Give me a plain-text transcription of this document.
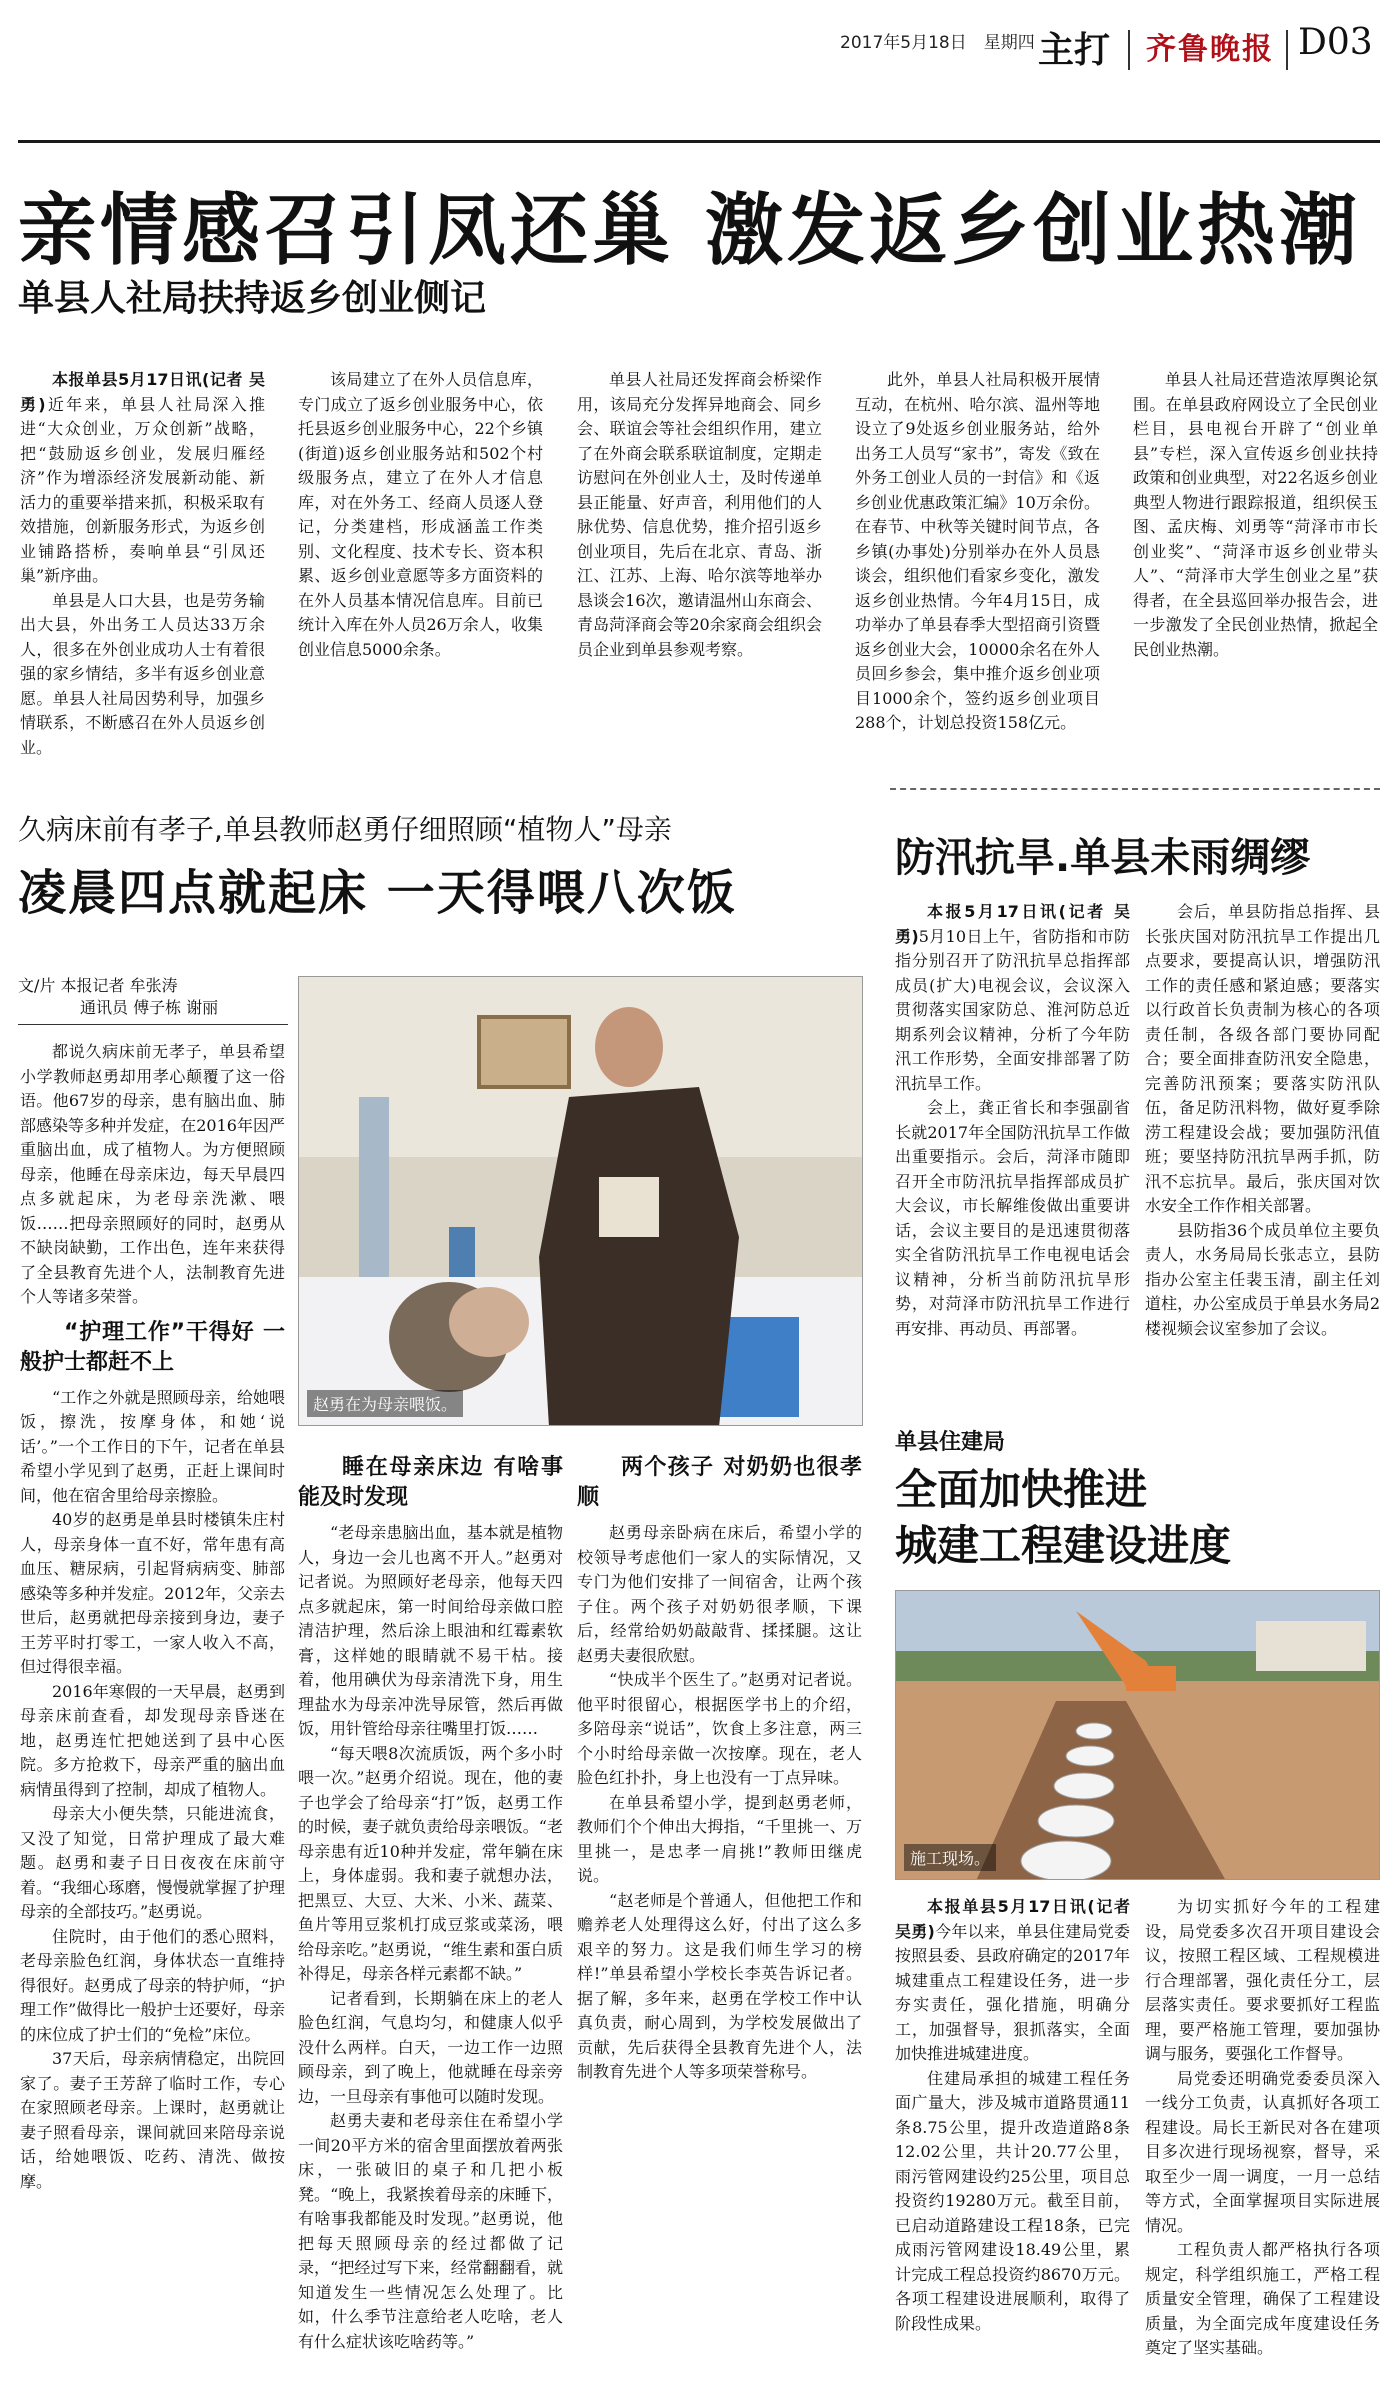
2017年5月18日　 星期四 主打 齐鲁晚报 D03
亲情感召引凤还巢 激发返乡创业热潮
单县人社局扶持返乡创业侧记

本报单县5月17日讯(记者 吴勇)近年来，单县人社局深入推进“大众创业，万众创新”战略，把“鼓励返乡创业，发展归雁经济”作为增添经济发展新动能、新活力的重要举措来抓，积极采取有效措施，创新服务形式，为返乡创业铺路搭桥，奏响单县“引凤还巢”新序曲。

单县是人口大县，也是劳务输出大县，外出务工人员达33万余人，很多在外创业成功人士有着很强的家乡情结，多半有返乡创业意愿。单县人社局因势利导，加强乡情联系，不断感召在外人员返乡创业。

该局建立了在外人员信息库，专门成立了返乡创业服务中心，依托县返乡创业服务中心，22个乡镇(街道)返乡创业服务站和502个村级服务点，建立了在外人才信息库，对在外务工、经商人员逐人登记，分类建档，形成涵盖工作类别、文化程度、技术专长、资本积累、返乡创业意愿等多方面资料的在外人员基本情况信息库。目前已统计入库在外人员26万余人，收集创业信息5000余条。

单县人社局还发挥商会桥梁作用，该局充分发挥异地商会、同乡会、联谊会等社会组织作用，建立了在外商会联系联谊制度，定期走访慰问在外创业人士，及时传递单县正能量、好声音，利用他们的人脉优势、信息优势，推介招引返乡创业项目，先后在北京、青岛、浙江、江苏、上海、哈尔滨等地举办恳谈会16次，邀请温州山东商会、青岛菏泽商会等20余家商会组织会员企业到单县参观考察。

此外，单县人社局积极开展情互动，在杭州、哈尔滨、温州等地设立了9处返乡创业服务站，给外出务工人员写“家书”，寄发《致在外务工创业人员的一封信》和《返乡创业优惠政策汇编》10万余份。在春节、中秋等关键时间节点，各乡镇(办事处)分别举办在外人员恳谈会，组织他们看家乡变化，激发返乡创业热情。今年4月15日，成功举办了单县春季大型招商引资暨返乡创业大会，10000余名在外人员回乡参会，集中推介返乡创业项目1000余个，签约返乡创业项目288个，计划总投资158亿元。

单县人社局还营造浓厚舆论氛围。在单县政府网设立了全民创业栏目，县电视台开辟了“创业单县”专栏，深入宣传返乡创业扶持政策和创业典型，对22名返乡创业典型人物进行跟踪报道，组织侯玉图、孟庆梅、刘勇等“菏泽市市长创业奖”、“菏泽市返乡创业带头人”、“菏泽市大学生创业之星”获得者，在全县巡回举办报告会，进一步激发了全民创业热情，掀起全民创业热潮。

久病床前有孝子,单县教师赵勇仔细照顾“植物人”母亲
凌晨四点就起床 一天得喂八次饭
文/片 本报记者 牟张涛
通讯员 傅子栋 谢丽

都说久病床前无孝子，单县希望小学教师赵勇却用孝心颠覆了这一俗语。他67岁的母亲，患有脑出血、肺部感染等多种并发症，在2016年因严重脑出血，成了植物人。为方便照顾母亲，他睡在母亲床边，每天早晨四点多就起床，为老母亲洗漱、喂饭……把母亲照顾好的同时，赵勇从不缺岗缺勤，工作出色，连年来获得了全县教育先进个人，法制教育先进个人等诸多荣誉。

“护理工作”干得好 一般护士都赶不上

“工作之外就是照顾母亲，给她喂饭，擦洗，按摩身体，和她‘说话’。”一个工作日的下午，记者在单县希望小学见到了赵勇，正赶上课间时间，他在宿舍里给母亲擦脸。

40岁的赵勇是单县时楼镇朱庄村人，母亲身体一直不好，常年患有高血压、糖尿病，引起肾病病变、肺部感染等多种并发症。2012年，父亲去世后，赵勇就把母亲接到身边，妻子王芳平时打零工，一家人收入不高，但过得很幸福。

2016年寒假的一天早晨，赵勇到母亲床前查看，却发现母亲昏迷在地，赵勇连忙把她送到了县中心医院。多方抢救下，母亲严重的脑出血病情虽得到了控制，却成了植物人。

母亲大小便失禁，只能进流食，又没了知觉，日常护理成了最大难题。赵勇和妻子日日夜夜在床前守着。“我细心琢磨，慢慢就掌握了护理母亲的全部技巧。”赵勇说。

住院时，由于他们的悉心照料，老母亲脸色红润，身体状态一直维持得很好。赵勇成了母亲的特护师，“护理工作”做得比一般护士还要好，母亲的床位成了护士们的“免检”床位。

37天后，母亲病情稳定，出院回家了。妻子王芳辞了临时工作，专心在家照顾老母亲。上课时，赵勇就让妻子照看母亲，课间就回来陪母亲说话，给她喂饭、吃药、清洗、做按摩。

赵勇在为母亲喂饭。

睡在母亲床边 有啥事能及时发现

“老母亲患脑出血，基本就是植物人，身边一会儿也离不开人。”赵勇对记者说。为照顾好老母亲，他每天四点多就起床，第一时间给母亲做口腔清洁护理，然后涂上眼油和红霉素软膏，这样她的眼睛就不易干枯。接着，他用碘伏为母亲清洗下身，用生理盐水为母亲冲洗导尿管，然后再做饭，用针管给母亲往嘴里打饭……

“每天喂8次流质饭，两个多小时喂一次。”赵勇介绍说。现在，他的妻子也学会了给母亲“打”饭，赵勇工作的时候，妻子就负责给母亲喂饭。“老母亲患有近10种并发症，常年躺在床上，身体虚弱。我和妻子就想办法，把黑豆、大豆、大米、小米、蔬菜、鱼片等用豆浆机打成豆浆或菜汤，喂给母亲吃。”赵勇说，“维生素和蛋白质补得足，母亲各样元素都不缺。”

记者看到，长期躺在床上的老人脸色红润，气息均匀，和健康人似乎没什么两样。白天，一边工作一边照顾母亲，到了晚上，他就睡在母亲旁边，一旦母亲有事他可以随时发现。

赵勇夫妻和老母亲住在希望小学一间20平方米的宿舍里面摆放着两张床，一张破旧的桌子和几把小板凳。“晚上，我紧挨着母亲的床睡下，有啥事我都能及时发现。”赵勇说，他把每天照顾母亲的经过都做了记录，“把经过写下来，经常翻翻看，就知道发生一些情况怎么处理了。比如，什么季节注意给老人吃啥，老人有什么症状该吃啥药等。”

两个孩子 对奶奶也很孝顺

赵勇母亲卧病在床后，希望小学的校领导考虑他们一家人的实际情况，又专门为他们安排了一间宿舍，让两个孩子住。两个孩子对奶奶很孝顺，下课后，经常给奶奶敲敲背、揉揉腿。这让赵勇夫妻很欣慰。

“快成半个医生了。”赵勇对记者说。他平时很留心，根据医学书上的介绍，多陪母亲“说话”，饮食上多注意，两三个小时给母亲做一次按摩。现在，老人脸色红扑扑，身上也没有一丁点异味。

在单县希望小学，提到赵勇老师，教师们个个伸出大拇指，“千里挑一、万里挑一，是忠孝一肩挑!”教师田继虎说。

“赵老师是个普通人，但他把工作和赡养老人处理得这么好，付出了这么多艰辛的努力。这是我们师生学习的榜样!”单县希望小学校长李英告诉记者。据了解，多年来，赵勇在学校工作中认真负责，耐心周到，为学校发展做出了贡献，先后获得全县教育先进个人，法制教育先进个人等多项荣誉称号。

防汛抗旱.单县未雨绸缪

本报5月17日讯(记者 吴勇)5月10日上午，省防指和市防指分别召开了防汛抗旱总指挥部成员(扩大)电视会议，会议深入贯彻落实国家防总、淮河防总近期系列会议精神，分析了今年防汛工作形势，全面安排部署了防汛抗旱工作。

会上，龚正省长和李强副省长就2017年全国防汛抗旱工作做出重要指示。会后，菏泽市随即召开全市防汛抗旱指挥部成员扩大会议，市长解维俊做出重要讲话，会议主要目的是迅速贯彻落实全省防汛抗旱工作电视电话会议精神，分析当前防汛抗旱形势，对菏泽市防汛抗旱工作进行再安排、再动员、再部署。

会后，单县防指总指挥、县长张庆国对防汛抗旱工作提出几点要求，要提高认识，增强防汛工作的责任感和紧迫感；要落实以行政首长负责制为核心的各项责任制，各级各部门要协同配合；要全面排查防汛安全隐患，完善防汛预案；要落实防汛队伍，备足防汛料物，做好夏季除涝工程建设会战；要加强防汛值班；要坚持防汛抗旱两手抓，防汛不忘抗旱。最后，张庆国对饮水安全工作作相关部署。

县防指36个成员单位主要负责人，水务局局长张志立，县防指办公室主任裴玉清，副主任刘道柱，办公室成员于单县水务局2楼视频会议室参加了会议。

单县住建局
全面加快推进
城建工程建设进度
施工现场。

本报单县5月17日讯(记者 吴勇)今年以来，单县住建局党委按照县委、县政府确定的2017年城建重点工程建设任务，进一步夯实责任，强化措施，明确分工，加强督导，狠抓落实，全面加快推进城建进度。

住建局承担的城建工程任务面广量大，涉及城市道路贯通11条8.75公里，提升改造道路8条12.02公里，共计20.77公里，雨污管网建设约25公里，项目总投资约19280万元。截至目前，已启动道路建设工程18条，已完成雨污管网建设18.49公里，累计完成工程总投资约8670万元。各项工程建设进展顺利，取得了阶段性成果。

为切实抓好今年的工程建设，局党委多次召开项目建设会议，按照工程区域、工程规模进行合理部署，强化责任分工，层层落实责任。要求要抓好工程监理，要严格施工管理，要加强协调与服务，要强化工作督导。

局党委还明确党委委员深入一线分工负责，认真抓好各项工程建设。局长王新民对各在建项目多次进行现场视察，督导，采取至少一周一调度，一月一总结等方式，全面掌握项目实际进展情况。

工程负责人都严格执行各项规定，科学组织施工，严格工程质量安全管理，确保了工程建设质量，为全面完成年度建设任务奠定了坚实基础。
